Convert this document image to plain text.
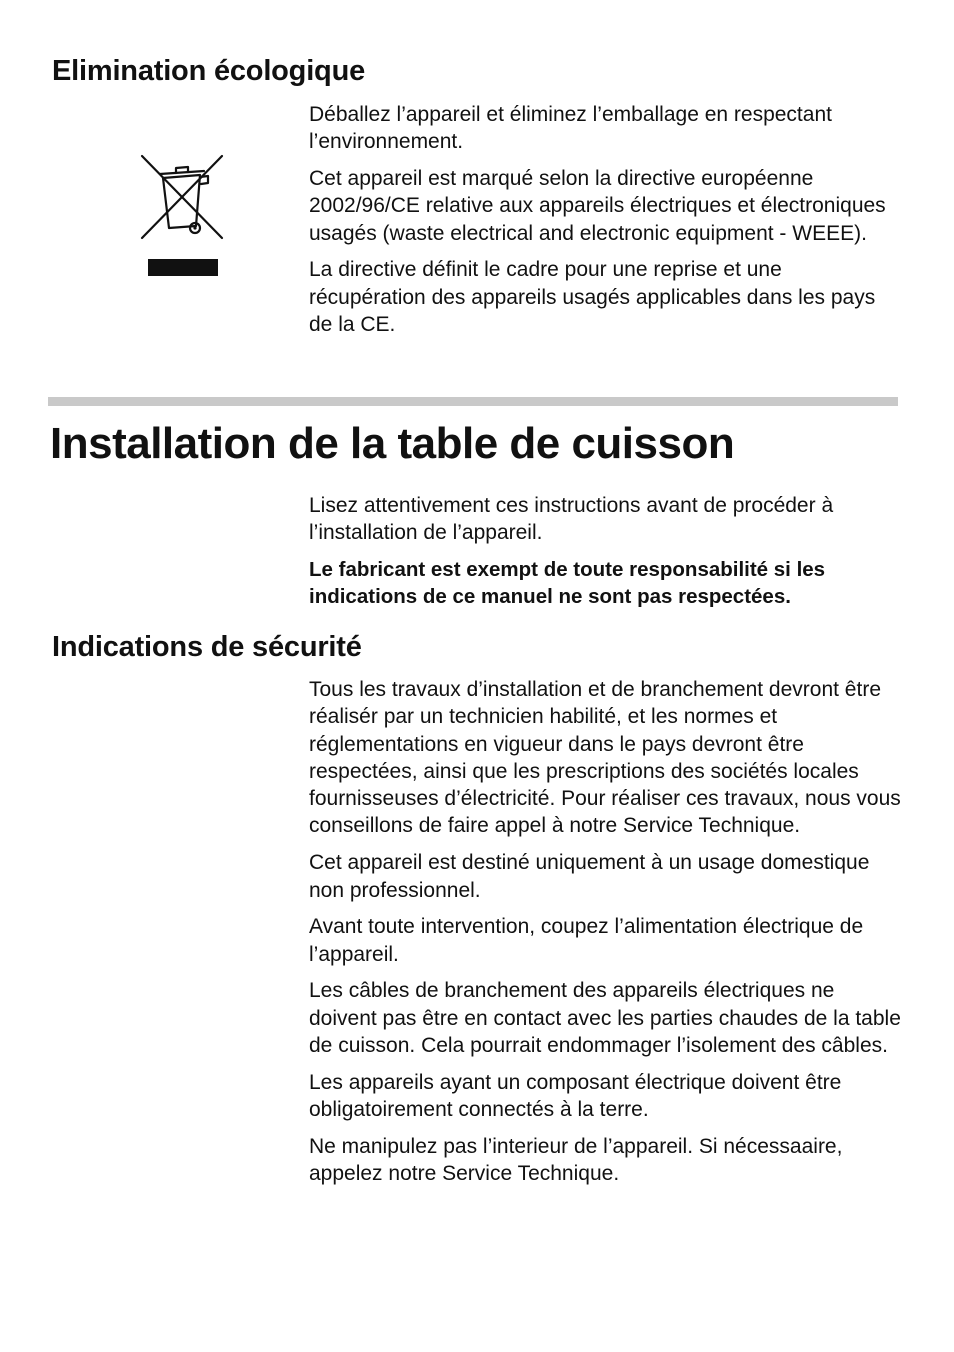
Elimination écologique

Déballez l’appareil et éliminez l’emballage en respectant l’environnement.

Cet appareil est marqué selon la directive européenne 2002/96/CE relative aux appareils électriques et électroniques usagés (waste electrical and electronic equipment - WEEE).

La directive définit le cadre pour une reprise et une récupération des appareils usagés applicables dans les pays de la CE.

Installation de la table de cuisson

Lisez attentivement ces instructions avant de procéder à l’installation de l’appareil.

Le fabricant est exempt de toute responsabilité si les indications de ce manuel ne sont pas respectées.

Indications de sécurité

Tous les travaux d’installation et de branchement devront être réalisér par un technicien habilité, et les normes et réglementations en vigueur dans le pays devront être respectées, ainsi que les prescriptions des sociétés locales fournisseuses d’électricité. Pour réaliser ces travaux, nous vous conseillons de faire appel à notre Service Technique.

Cet appareil est destiné uniquement à un usage domestique non professionnel.

Avant toute intervention, coupez l’alimentation électrique de l’appareil.

Les câbles de branchement des appareils électriques ne doivent pas être en contact avec les parties chaudes de la table de cuisson. Cela pourrait endommager l’isolement des câbles.

Les appareils ayant un composant électrique doivent être obligatoirement connectés à la terre.

Ne manipulez pas l’interieur de l’appareil. Si nécessaaire, appelez notre Service Technique.
